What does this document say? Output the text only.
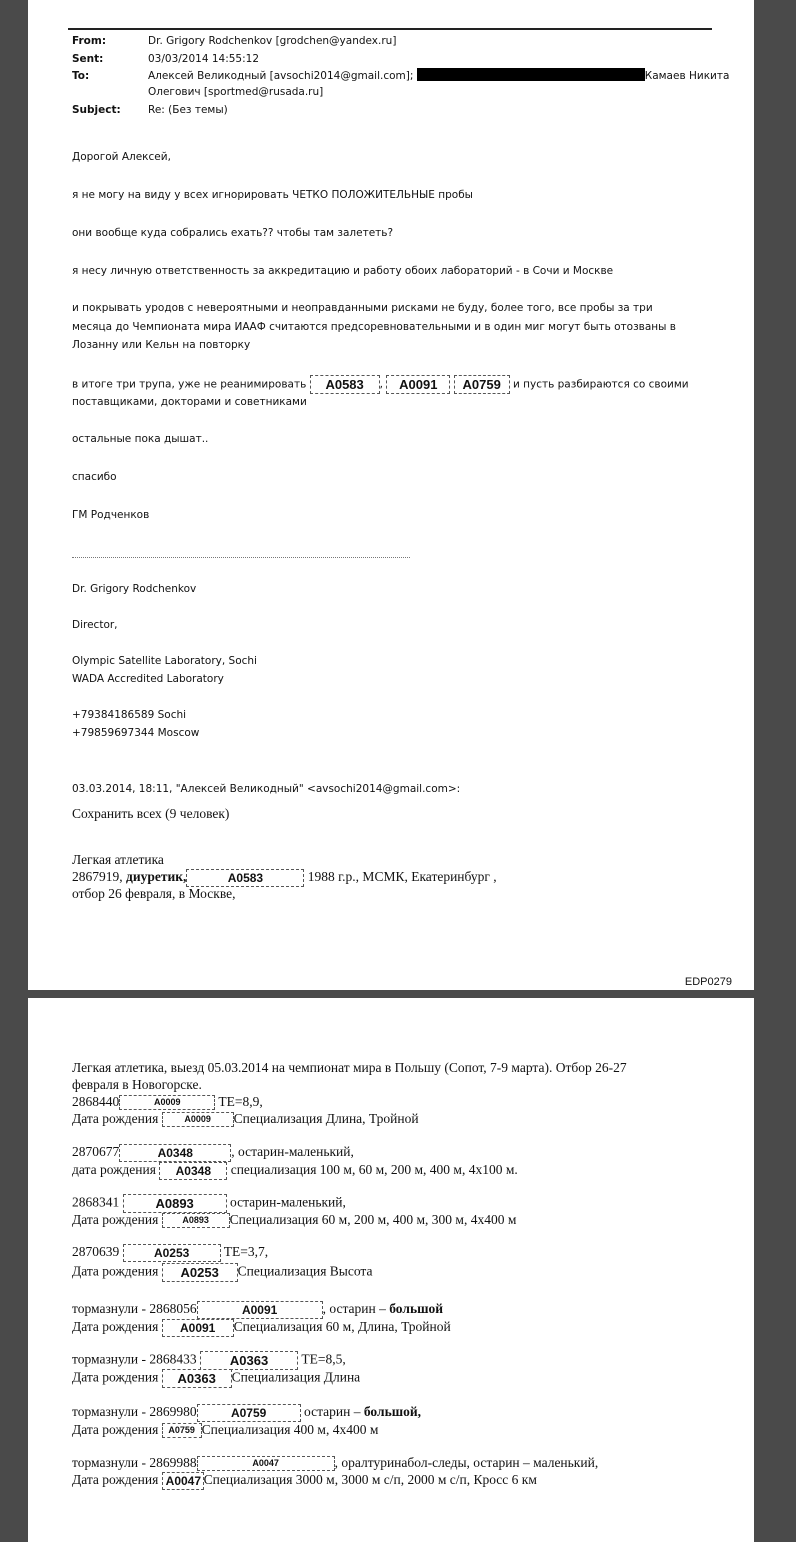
From:	Dr. Grigory Rodchenkov [grodchen@yandex.ru]
Sent:	03/03/2014 14:55:12
To:	Алексей Великодный [avsochi2014@gmail.com];	Камаев Никита
Олегович [sportmed@rusada.ru]
Subject:	Re: (Без темы)
Дорогой Алексей,
я не могу на виду у всех игнорировать ЧЕТКО ПОЛОЖИТЕЛЬНЫЕ пробы
они вообще куда собрались ехать?? чтобы там залететь?
я несу личную ответственность за аккредитацию и работу обоих лабораторий - в Сочи и Москве
и покрывать уродов с невероятными и неоправданными рисками не буду, более того, все пробы за три
месяца до Чемпионата мира ИААФ считаются предсоревновательными и в один миг могут быть отозваны в
Лозанну или Кельн на повторку
в итоге три трупа, уже не реанимировать A0583 , A0091 A0759 и пусть разбираются со своими
поставщиками, докторами и советниками
остальные пока дышат..
спасибо
ГМ Родченков
Dr. Grigory Rodchenkov
Director,
Olympic Satellite Laboratory, Sochi
WADA Accredited Laboratory
+79384186589 Sochi
+79859697344 Moscow
03.03.2014, 18:11, "Алексей Великодный" <avsochi2014@gmail.com>:
Сохранить всех (9 человек)
Легкая атлетика
2867919, диуретик,	A0583	1988 г.р., МСМК, Екатеринбург ,
отбор 26 февраля, в Москве,
EDP0279
Легкая атлетика, выезд 05.03.2014 на чемпионат мира в Польшу (Сопот, 7-9 марта). Отбор 26-27
февраля в Новогорске.
2868440	A0009	TE=8,9,
Дата рождения	A0009 Специализация Длина, Тройной
2870677	A0348	, остарин-маленький,
дата рождения A0348 специализация 100 м, 60 м, 200 м, 400 м, 4х100 м.
2868341	A0893	остарин-маленький,
Дата рождения	A0893 Специализация 60 м, 200 м, 400 м, 300 м, 4х400 м
2870639	A0253	TE=3,7,
Дата рождения A0253 Специализация Высота
тормазнули - 2868056	A0091	, остарин – большой
Дата рождения A0091 Специализация 60 м, Длина, Тройной
тормазнули - 2868433	A0363 TE=8,5,
Дата рождения A0363 Специализация Длина
тормазнули - 2869980	A0759	остарин – большой,
Дата рождения A0759 Специализация 400 м, 4х400 м
тормазнули - 2869988	A0047	, оралтуринабол-следы, остарин – маленький,
Дата рождения A0047 Специализация 3000 м, 3000 м с/п, 2000 м с/п, Кросс 6 км
